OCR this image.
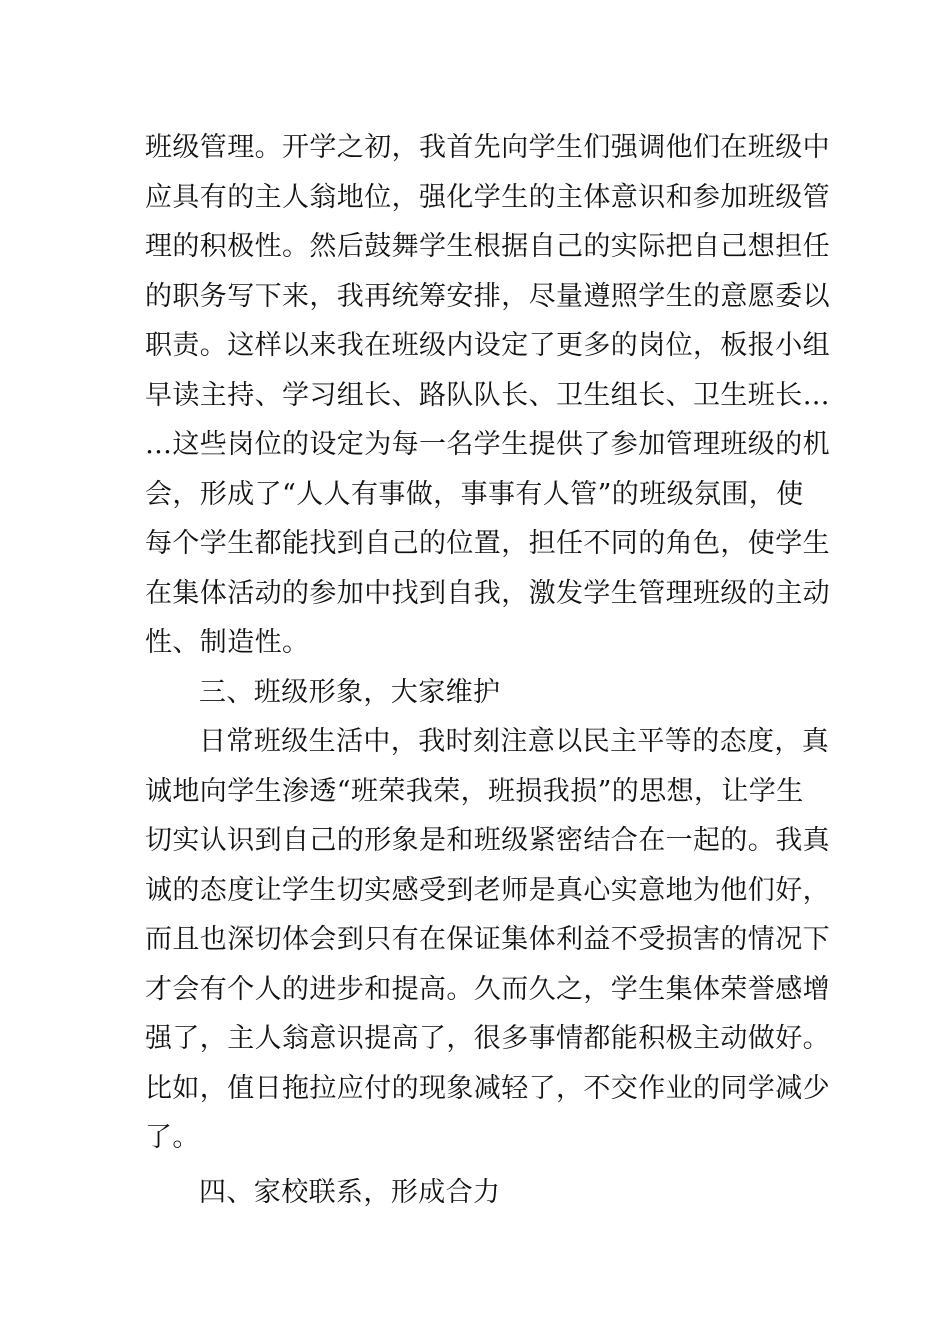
班级管理。开学之初，我首先向学生们强调他们在班级中
应具有的主人翁地位，强化学生的主体意识和参加班级管
理的积极性。然后鼓舞学生根据自己的实际把自己想担任
的职务写下来，我再统筹安排，尽量遵照学生的意愿委以
职责。这样以来我在班级内设定了更多的岗位，板报小组
早读主持、学习组长、路队队长、卫生组长、卫生班长…
…这些岗位的设定为每一名学生提供了参加管理班级的机
会，形成了“人人有事做，事事有人管”的班级氛围，使
每个学生都能找到自己的位置，担任不同的角色，使学生
在集体活动的参加中找到自我，激发学生管理班级的主动
性、制造性。
三、班级形象，大家维护
日常班级生活中，我时刻注意以民主平等的态度，真
诚地向学生渗透“班荣我荣，班损我损”的思想，让学生
切实认识到自己的形象是和班级紧密结合在一起的。我真
诚的态度让学生切实感受到老师是真心实意地为他们好，
而且也深切体会到只有在保证集体利益不受损害的情况下
才会有个人的进步和提高。久而久之，学生集体荣誉感增
强了，主人翁意识提高了，很多事情都能积极主动做好。
比如，值日拖拉应付的现象减轻了，不交作业的同学减少
了。
四、家校联系，形成合力
